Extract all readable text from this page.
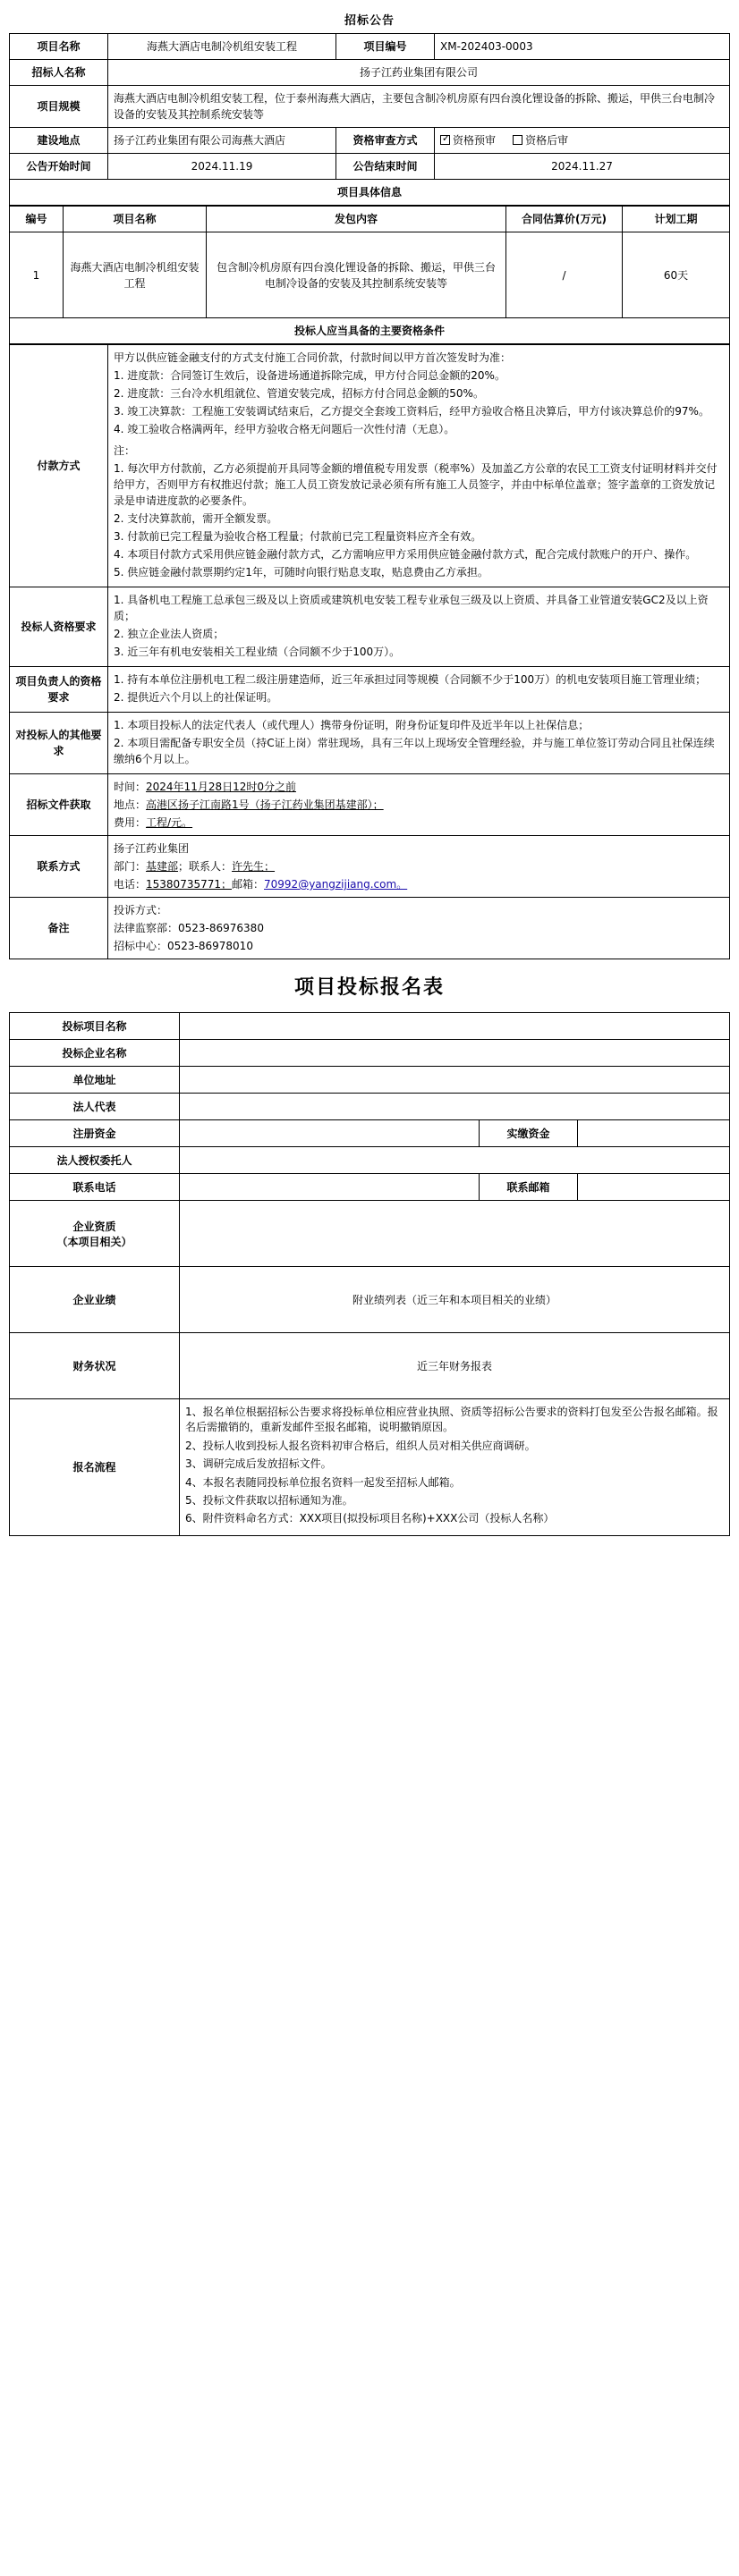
招标公告
项目名称	海燕大酒店电制冷机组安装工程	项目编号	XM-202403-0003
招标人名称	扬子江药业集团有限公司		
项目规模	海燕大酒店电制冷机组安装工程，位于泰州海燕大酒店，主要包含制冷机房原有四台溴化锂设备的拆除、搬运，甲供三台电制冷设备的安装及其控制系统安装等		
建设地点	扬子江药业集团有限公司海燕大酒店	资格审查方式	✓资格预审 资格后审
公告开始时间	2024.11.19	公告结束时间	2024.11.27
项目具体信息			
编号	项目名称	发包内容	合同估算价(万元)	计划工期
1	海燕大酒店电制冷机组安装工程	包含制冷机房原有四台溴化锂设备的拆除、搬运，甲供三台电制冷设备的安装及其控制系统安装等	/	60天
投标人应当具备的主要资格条件				
付款方式	

甲方以供应链金融支付的方式支付施工合同价款，付款时间以甲方首次签发时为准：

1. 进度款：合同签订生效后，设备进场通道拆除完成，甲方付合同总金额的20%。

2. 进度款：三台冷水机组就位、管道安装完成，招标方付合同总金额的50%。

3. 竣工决算款：工程施工安装调试结束后，乙方提交全套竣工资料后，经甲方验收合格且决算后，甲方付该决算总价的97%。

4. 竣工验收合格满两年，经甲方验收合格无问题后一次性付清（无息）。

注：

1. 每次甲方付款前，乙方必须提前开具同等金额的增值税专用发票（税率%）及加盖乙方公章的农民工工资支付证明材料并交付给甲方，否则甲方有权推迟付款；施工人员工资发放记录必须有所有施工人员签字，并由中标单位盖章；签字盖章的工资发放记录是申请进度款的必要条件。

2. 支付决算款前，需开全额发票。

3. 付款前已完工程量为验收合格工程量；付款前已完工程量资料应齐全有效。

4. 本项目付款方式采用供应链金融付款方式，乙方需响应甲方采用供应链金融付款方式，配合完成付款账户的开户、操作。

5. 供应链金融付款票期约定1年，可随时向银行贴息支取，贴息费由乙方承担。

投标人资格要求	1. 具备机电工程施工总承包三级及以上资质或建筑机电安装工程专业承包三级及以上资质、并具备工业管道安装GC2及以上资质；

2. 独立企业法人资质；

3. 近三年有机电安装相关工程业绩（合同额不少于100万）。

项目负责人的资格要求	1. 持有本单位注册机电工程二级注册建造师，近三年承担过同等规模（合同额不少于100万）的机电安装项目施工管理业绩；

2. 提供近六个月以上的社保证明。

对投标人的其他要求	1. 本项目投标人的法定代表人（或代理人）携带身份证明，附身份证复印件及近半年以上社保信息；

2. 本项目需配备专职安全员（持C证上岗）常驻现场，具有三年以上现场安全管理经验，并与施工单位签订劳动合同且社保连续缴纳6个月以上。

招标文件获取	时间：2024年11月28日12时0分之前

地点：高港区扬子江南路1号（扬子江药业集团基建部）；

费用：工程/元。

联系方式	扬子江药业集团

部门：基建部；联系人：许先生；

电话：15380735771；邮箱：70992@yangzijiang.com。

备注	投诉方式：

法律监察部：0523-86976380

招标中心：0523-86978010

项目投标报名表
投标项目名称			
投标企业名称			
单位地址			
法人代表			
注册资金		实缴资金	
法人授权委托人			
联系电话		联系邮箱	

企业资质
（本项目相关）			

企业业绩	附业绩列表（近三年和本项目相关的业绩）		
财务状况	近三年财务报表		
报名流程	

1、报名单位根据招标公告要求将投标单位相应营业执照、资质等招标公告要求的资料打包发至公告报名邮箱。报名后需撤销的，重新发邮件至报名邮箱，说明撤销原因。

2、投标人收到投标人报名资料初审合格后，组织人员对相关供应商调研。

3、调研完成后发放招标文件。

4、本报名表随同投标单位报名资料一起发至招标人邮箱。

5、投标文件获取以招标通知为准。

6、附件资料命名方式：XXX项目(拟投标项目名称)+XXX公司（投标人名称）
